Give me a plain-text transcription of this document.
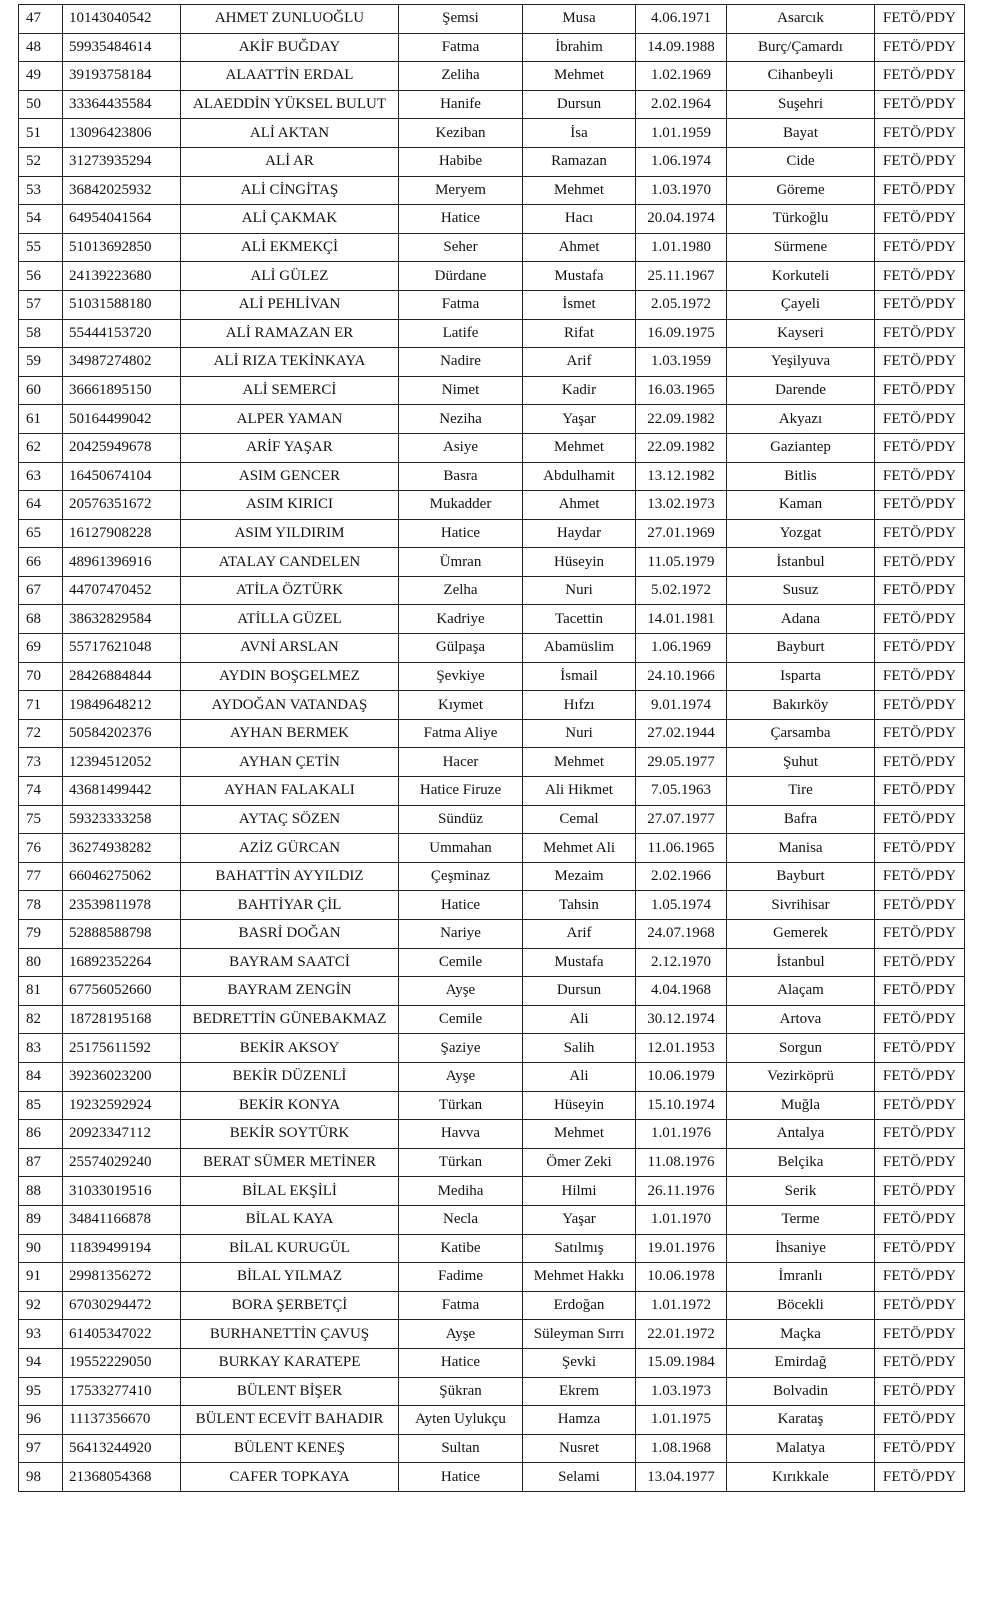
47	10143040542	AHMET ZUNLUOĞLU	Şemsi	Musa	4.06.1971	Asarcık	FETÖ/PDY
48	59935484614	AKİF BUĞDAY	Fatma	İbrahim	14.09.1988	Burç/Çamardı	FETÖ/PDY
49	39193758184	ALAATTİN ERDAL	Zeliha	Mehmet	1.02.1969	Cihanbeyli	FETÖ/PDY
50	33364435584	ALAEDDİN YÜKSEL BULUT	Hanife	Dursun	2.02.1964	Suşehri	FETÖ/PDY
51	13096423806	ALİ AKTAN	Keziban	İsa	1.01.1959	Bayat	FETÖ/PDY
52	31273935294	ALİ AR	Habibe	Ramazan	1.06.1974	Cide	FETÖ/PDY
53	36842025932	ALİ CİNGİTAŞ	Meryem	Mehmet	1.03.1970	Göreme	FETÖ/PDY
54	64954041564	ALİ ÇAKMAK	Hatice	Hacı	20.04.1974	Türkoğlu	FETÖ/PDY
55	51013692850	ALİ EKMEKÇİ	Seher	Ahmet	1.01.1980	Sürmene	FETÖ/PDY
56	24139223680	ALİ GÜLEZ	Dürdane	Mustafa	25.11.1967	Korkuteli	FETÖ/PDY
57	51031588180	ALİ PEHLİVAN	Fatma	İsmet	2.05.1972	Çayeli	FETÖ/PDY
58	55444153720	ALİ RAMAZAN ER	Latife	Rifat	16.09.1975	Kayseri	FETÖ/PDY
59	34987274802	ALİ RIZA TEKİNKAYA	Nadire	Arif	1.03.1959	Yeşilyuva	FETÖ/PDY
60	36661895150	ALİ SEMERCİ	Nimet	Kadir	16.03.1965	Darende	FETÖ/PDY
61	50164499042	ALPER YAMAN	Neziha	Yaşar	22.09.1982	Akyazı	FETÖ/PDY
62	20425949678	ARİF YAŞAR	Asiye	Mehmet	22.09.1982	Gaziantep	FETÖ/PDY
63	16450674104	ASIM GENCER	Basra	Abdulhamit	13.12.1982	Bitlis	FETÖ/PDY
64	20576351672	ASIM KIRICI	Mukadder	Ahmet	13.02.1973	Kaman	FETÖ/PDY
65	16127908228	ASIM YILDIRIM	Hatice	Haydar	27.01.1969	Yozgat	FETÖ/PDY
66	48961396916	ATALAY CANDELEN	Ümran	Hüseyin	11.05.1979	İstanbul	FETÖ/PDY
67	44707470452	ATİLA ÖZTÜRK	Zelha	Nuri	5.02.1972	Susuz	FETÖ/PDY
68	38632829584	ATİLLA GÜZEL	Kadriye	Tacettin	14.01.1981	Adana	FETÖ/PDY
69	55717621048	AVNİ ARSLAN	Gülpaşa	Abamüslim	1.06.1969	Bayburt	FETÖ/PDY
70	28426884844	AYDIN BOŞGELMEZ	Şevkiye	İsmail	24.10.1966	Isparta	FETÖ/PDY
71	19849648212	AYDOĞAN VATANDAŞ	Kıymet	Hıfzı	9.01.1974	Bakırköy	FETÖ/PDY
72	50584202376	AYHAN BERMEK	Fatma Aliye	Nuri	27.02.1944	Çarsamba	FETÖ/PDY
73	12394512052	AYHAN ÇETİN	Hacer	Mehmet	29.05.1977	Şuhut	FETÖ/PDY
74	43681499442	AYHAN FALAKALI	Hatice Firuze	Ali Hikmet	7.05.1963	Tire	FETÖ/PDY
75	59323333258	AYTAÇ SÖZEN	Sündüz	Cemal	27.07.1977	Bafra	FETÖ/PDY
76	36274938282	AZİZ GÜRCAN	Ummahan	Mehmet Ali	11.06.1965	Manisa	FETÖ/PDY
77	66046275062	BAHATTİN AYYILDIZ	Çeşminaz	Mezaim	2.02.1966	Bayburt	FETÖ/PDY
78	23539811978	BAHTİYAR ÇİL	Hatice	Tahsin	1.05.1974	Sivrihisar	FETÖ/PDY
79	52888588798	BASRİ DOĞAN	Nariye	Arif	24.07.1968	Gemerek	FETÖ/PDY
80	16892352264	BAYRAM SAATCİ	Cemile	Mustafa	2.12.1970	İstanbul	FETÖ/PDY
81	67756052660	BAYRAM ZENGİN	Ayşe	Dursun	4.04.1968	Alaçam	FETÖ/PDY
82	18728195168	BEDRETTİN GÜNEBAKMAZ	Cemile	Ali	30.12.1974	Artova	FETÖ/PDY
83	25175611592	BEKİR AKSOY	Şaziye	Salih	12.01.1953	Sorgun	FETÖ/PDY
84	39236023200	BEKİR DÜZENLİ	Ayşe	Ali	10.06.1979	Vezirköprü	FETÖ/PDY
85	19232592924	BEKİR KONYA	Türkan	Hüseyin	15.10.1974	Muğla	FETÖ/PDY
86	20923347112	BEKİR SOYTÜRK	Havva	Mehmet	1.01.1976	Antalya	FETÖ/PDY
87	25574029240	BERAT SÜMER METİNER	Türkan	Ömer Zeki	11.08.1976	Belçika	FETÖ/PDY
88	31033019516	BİLAL EKŞİLİ	Mediha	Hilmi	26.11.1976	Serik	FETÖ/PDY
89	34841166878	BİLAL KAYA	Necla	Yaşar	1.01.1970	Terme	FETÖ/PDY
90	11839499194	BİLAL KURUGÜL	Katibe	Satılmış	19.01.1976	İhsaniye	FETÖ/PDY
91	29981356272	BİLAL YILMAZ	Fadime	Mehmet Hakkı	10.06.1978	İmranlı	FETÖ/PDY
92	67030294472	BORA ŞERBETÇİ	Fatma	Erdoğan	1.01.1972	Böcekli	FETÖ/PDY
93	61405347022	BURHANETTİN ÇAVUŞ	Ayşe	Süleyman Sırrı	22.01.1972	Maçka	FETÖ/PDY
94	19552229050	BURKAY KARATEPE	Hatice	Şevki	15.09.1984	Emirdağ	FETÖ/PDY
95	17533277410	BÜLENT BİŞER	Şükran	Ekrem	1.03.1973	Bolvadin	FETÖ/PDY
96	11137356670	BÜLENT ECEVİT BAHADIR	Ayten Uylukçu	Hamza	1.01.1975	Karataş	FETÖ/PDY
97	56413244920	BÜLENT KENEŞ	Sultan	Nusret	1.08.1968	Malatya	FETÖ/PDY
98	21368054368	CAFER TOPKAYA	Hatice	Selami	13.04.1977	Kırıkkale	FETÖ/PDY
